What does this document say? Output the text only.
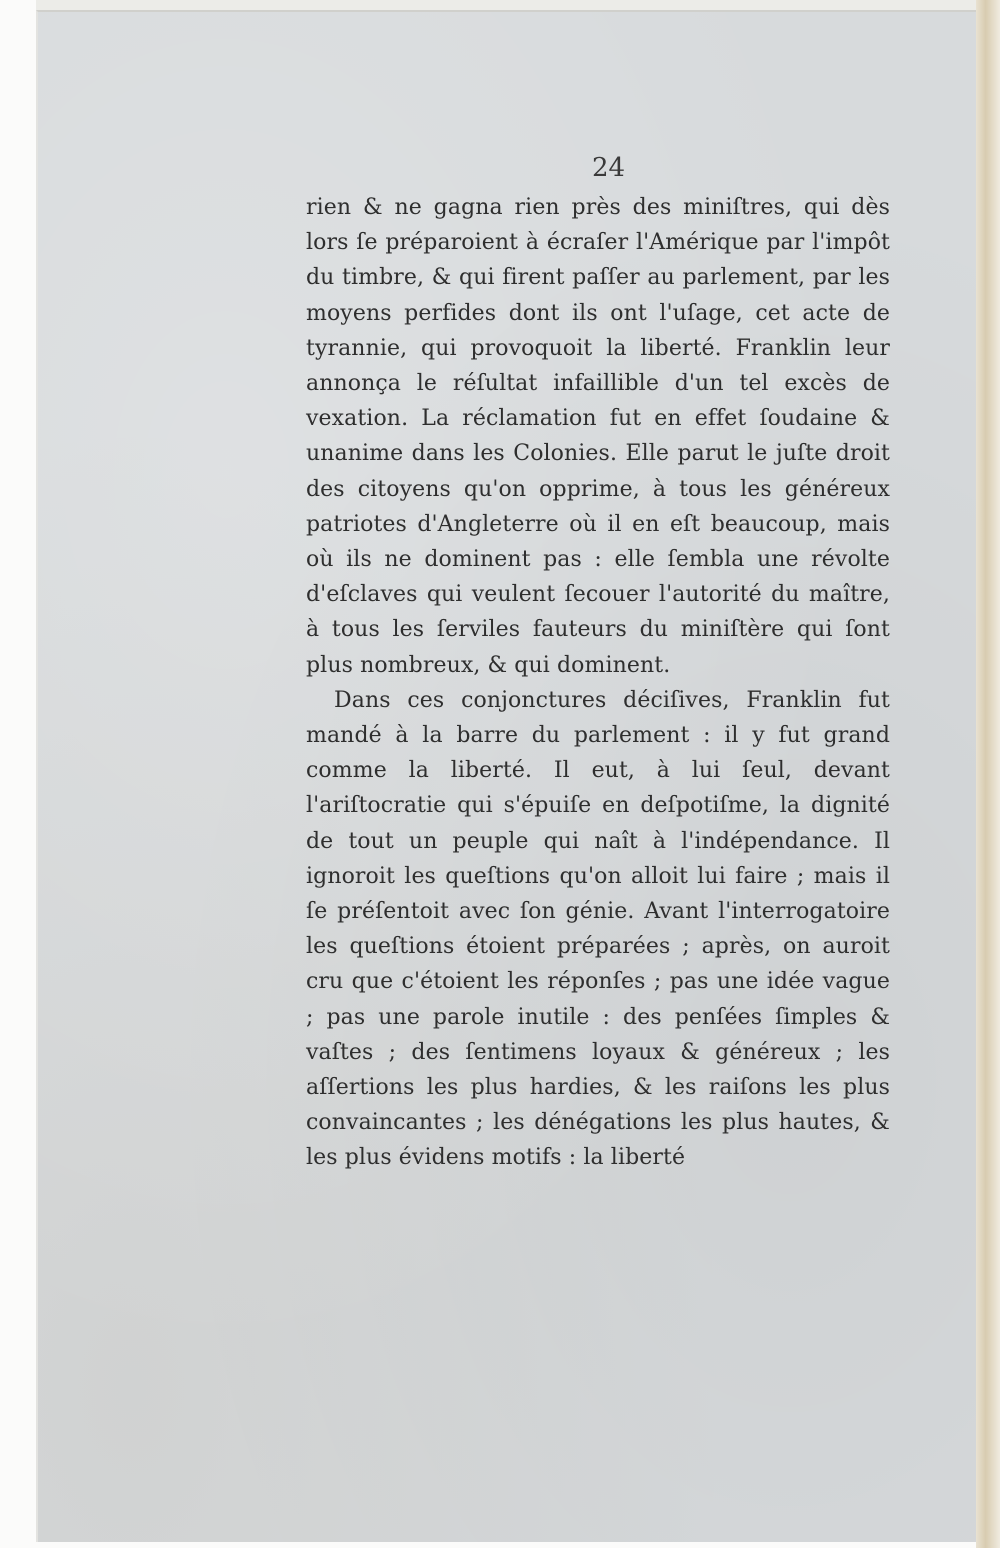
24

rien & ne gagna rien près des miniſtres, qui dès lors ſe préparoient à écraſer l'Amérique par l'impôt du timbre, & qui firent paſſer au parlement, par les moyens perfides dont ils ont l'uſage, cet acte de tyrannie, qui provoquoit la liberté. Franklin leur annonça le réſultat infaillible d'un tel excès de vexation. La réclamation fut en effet ſoudaine & unanime dans les Colonies. Elle parut le juſte droit des citoyens qu'on opprime, à tous les généreux patriotes d'Angleterre où il en eſt beaucoup, mais où ils ne dominent pas : elle ſembla une révolte d'eſclaves qui veulent ſecouer l'autorité du maître, à tous les ſerviles fauteurs du miniſtère qui ſont plus nombreux, & qui dominent.

Dans ces conjonctures déciſives, Franklin fut mandé à la barre du parlement : il y fut grand comme la liberté. Il eut, à lui ſeul, devant l'ariſtocratie qui s'épuiſe en deſpotiſme, la dignité de tout un peuple qui naît à l'indépendance. Il ignoroit les queſtions qu'on alloit lui faire ; mais il ſe préſentoit avec ſon génie. Avant l'interrogatoire les queſtions étoient préparées ; après, on auroit cru que c'étoient les réponſes ; pas une idée vague ; pas une parole inutile : des penſées ſimples & vaſtes ; des ſentimens loyaux & généreux ; les aſſertions les plus hardies, & les raiſons les plus convaincantes ; les dénégations les plus hautes, & les plus évidens motifs : la liberté
